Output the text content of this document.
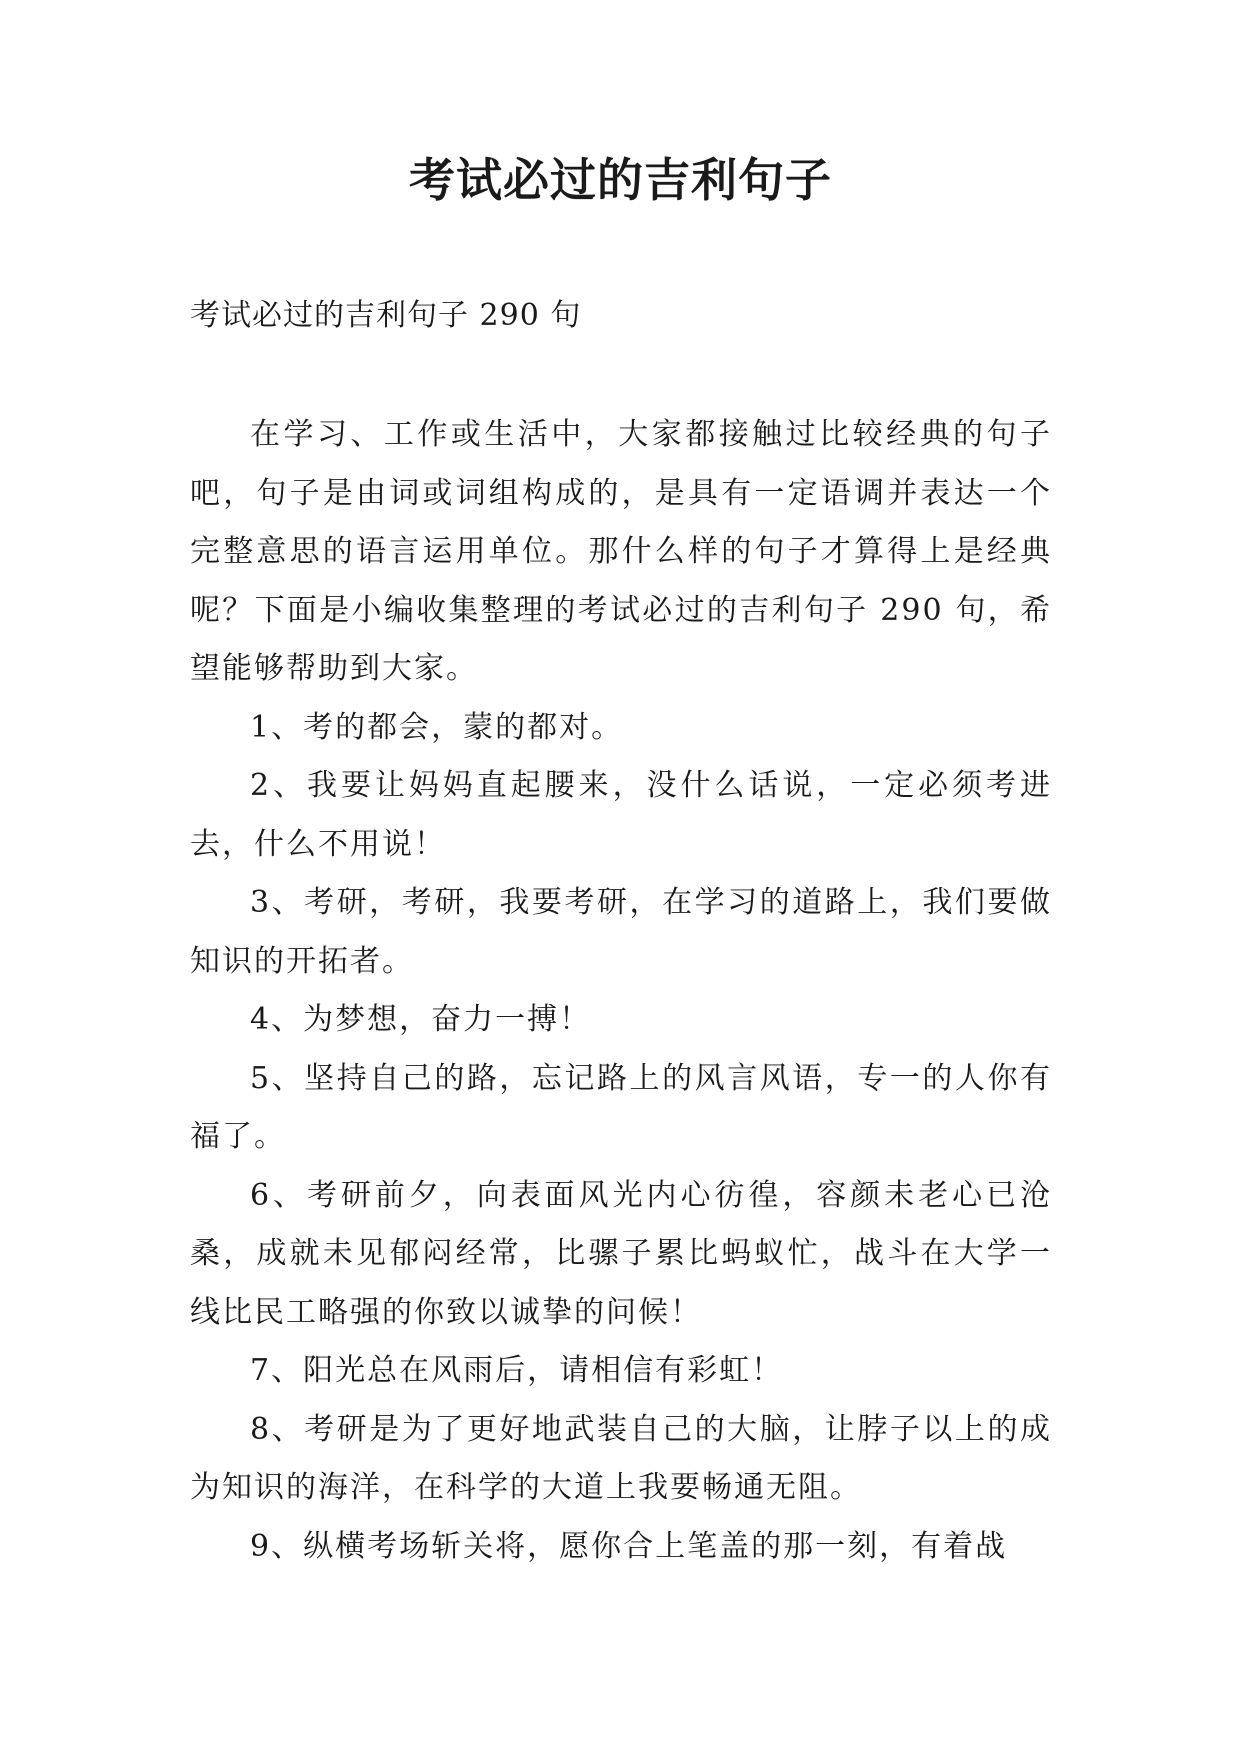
考试必过的吉利句子
考试必过的吉利句子 290 句

在学习、工作或生活中，大家都接触过比较经典的句子吧，句子是由词或词组构成的，是具有一定语调并表达一个完整意思的语言运用单位。那什么样的句子才算得上是经典呢？下面是小编收集整理的考试必过的吉利句子 290 句，希望能够帮助到大家。

1、考的都会，蒙的都对。

2、我要让妈妈直起腰来，没什么话说，一定必须考进去，什么不用说！

3、考研，考研，我要考研，在学习的道路上，我们要做知识的开拓者。

4、为梦想，奋力一搏！

5、坚持自己的路，忘记路上的风言风语，专一的人你有福了。

6、考研前夕，向表面风光内心彷徨，容颜未老心已沧桑，成就未见郁闷经常，比骡子累比蚂蚁忙，战斗在大学一线比民工略强的你致以诚挚的问候！

7、阳光总在风雨后，请相信有彩虹！

8、考研是为了更好地武装自己的大脑，让脖子以上的成为知识的海洋，在科学的大道上我要畅通无阻。

9、纵横考场斩关将，愿你合上笔盖的那一刻，有着战
